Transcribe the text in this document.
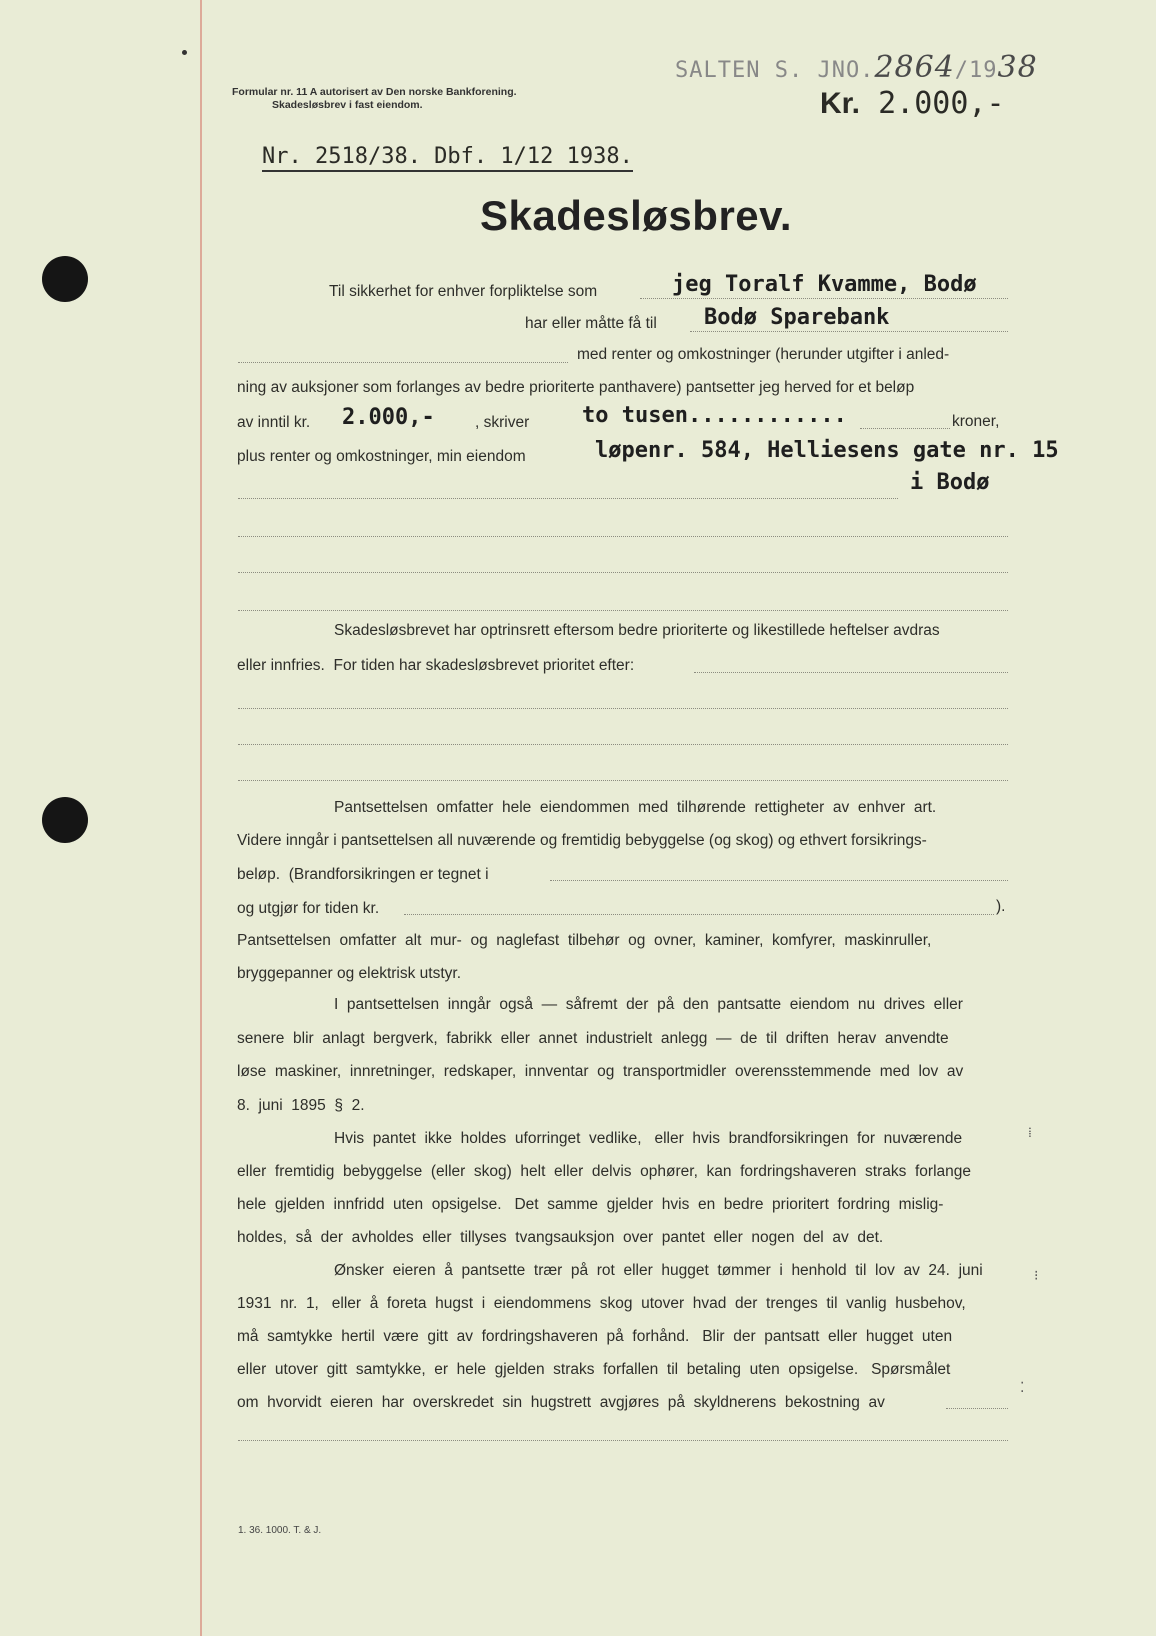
Formular nr. 11 A autorisert av Den norske Bankforening.
Skadesløsbrev i fast eiendom.
SALTEN S. JNO.2864/1938
Kr. 2.000,-
Nr. 2518/38. Dbf. 1/12 1938.
Skadesløsbrev.
Til sikkerhet for enhver forpliktelse som	jeg Toralf Kvamme, Bodø
har eller måtte få til Bodø Sparebank
med renter og omkostninger (herunder utgifter i anled-
ning av auksjoner som forlanges av bedre prioriterte panthavere) pantsetter jeg herved for et beløp
av inntil kr. 2.000,-	, skriver to tusen............	kroner,
plus renter og omkostninger, min eiendom	løpenr. 584, Helliesens gate nr. 15
i Bodø
Skadesløsbrevet har optrinsrett eftersom bedre prioriterte og likestillede heftelser avdras
eller innfries.  For tiden har skadesløsbrevet prioritet efter:
Pantsettelsen  omfatter  hele  eiendommen  med  tilhørende  rettigheter  av  enhver  art.
Videre inngår i pantsettelsen all nuværende og fremtidig bebyggelse (og skog) og ethvert forsikrings-
beløp.  (Brandforsikringen er tegnet i
og utgjør for tiden kr.	).
Pantsettelsen  omfatter  alt  mur-  og  naglefast  tilbehør  og  ovner,  kaminer,  komfyrer,  maskinruller,
bryggepanner og elektrisk utstyr.
I  pantsettelsen  inngår  også  —  såfremt  der  på  den  pantsatte  eiendom  nu  drives  eller
senere  blir  anlagt  bergverk,  fabrikk  eller  annet  industrielt  anlegg  —  de  til  driften  herav  anvendte
løse  maskiner,  innretninger,  redskaper,  innventar  og  transportmidler  overensstemmende  med  lov  av
8.  juni  1895  §  2.
Hvis  pantet  ikke  holdes  uforringet  vedlike,   eller  hvis  brandforsikringen  for  nuværende
eller  fremtidig  bebyggelse  (eller  skog)  helt  eller  delvis  ophører,  kan  fordringshaveren  straks  forlange
hele  gjelden  innfridd  uten  opsigelse.   Det  samme  gjelder  hvis  en  bedre  prioritert  fordring  mislig-
holdes,  så  der  avholdes  eller  tillyses  tvangsauksjon  over  pantet  eller  nogen  del  av  det.
Ønsker  eieren  å  pantsette  trær  på  rot  eller  hugget  tømmer  i  henhold  til  lov  av  24.  juni
1931  nr.  1,   eller  å  foreta  hugst  i  eiendommens  skog  utover  hvad  der  trenges  til  vanlig  husbehov,
må  samtykke  hertil  være  gitt  av  fordringshaveren  på  forhånd.   Blir  der  pantsatt  eller  hugget  uten
eller  utover  gitt  samtykke,  er  hele  gjelden  straks  forfallen  til  betaling  uten  opsigelse.   Spørsmålet
om  hvorvidt  eieren  har  overskredet  sin  hugstrett  avgjøres  på  skyldnerens  bekostning  av
⁞
⁝
⁚
1. 36. 1000. T. & J.
